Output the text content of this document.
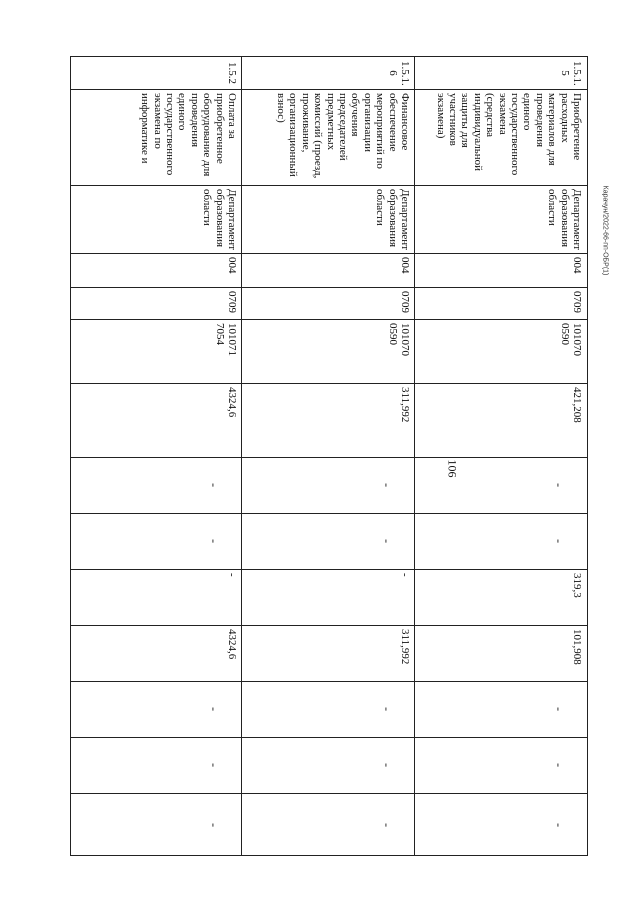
106
Карачун/2022-66-пп-ОБР(1)
1.5.1.
5
Приобретение расходных материалов для проведения единого государственного экзамена (средства индивидуальной защиты для участников экзамена)
Департамент образования области
004
0709
101070
0590
421,208
-
-
319,3
101,908
-
-
-
1.5.1.
6
Финансовое обеспечение мероприятий по организации обучения председателей предметных комиссий (проезд, проживание, организационный взнос)
Департамент образования области
004
0709
101070
0590
311,992
-
-
-
311,992
-
-
-
1.5.2
Оплата за приобретенное оборудование для проведения единого государственного экзамена по информатике и
Департамент образования области
004
0709
101071
7054
4324,6
-
-
-
4324,6
-
-
-
